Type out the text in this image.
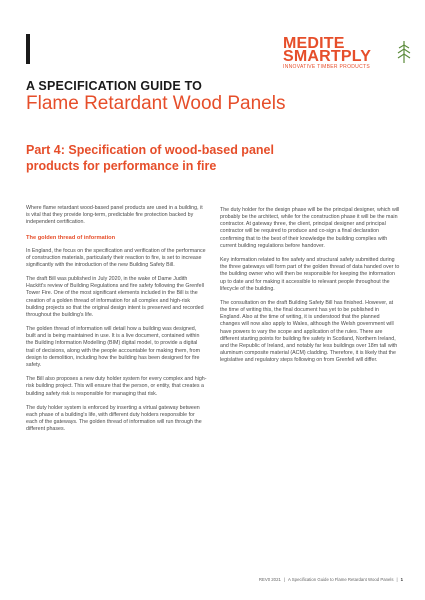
MEDITE
SMARTPLY
INNOVATIVE TIMBER PRODUCTS
A SPECIFICATION GUIDE TO
Flame Retardant Wood Panels
Part 4: Specification of wood-based panel products for performance in fire

Where flame retardant wood-based panel products are used in a building, it is vital that they provide long-term, predictable fire protection backed by independent certification.

The golden thread of information

In England, the focus on the specification and verification of the performance of construction materials, particularly their reaction to fire, is set to increase significantly with the introduction of the new Building Safety Bill.

The draft Bill was published in July 2020, in the wake of Dame Judith Hackitt's review of Building Regulations and fire safety following the Grenfell Tower Fire. One of the most significant elements included in the Bill is the creation of a golden thread of information for all complex and high-risk building projects so that the original design intent is preserved and recorded throughout the building's life.

The golden thread of information will detail how a building was designed, built and is being maintained in use. It is a live document, contained within the Building Information Modelling (BIM) digital model, to provide a digital trail of decisions, along with the people accountable for making them, from design to demolition, including how the building has been designed for fire safety.

The Bill also proposes a new duty holder system for every complex and high-risk building project. This will ensure that the person, or entity, that creates a building safety risk is responsible for managing that risk.

The duty holder system is enforced by inserting a virtual gateway between each phase of a building's life, with different duty holders responsible for each of the gateways. The golden thread of information will run through the different phases.

The duty holder for the design phase will be the principal designer, which will probably be the architect, while for the construction phase it will be the main contractor. At gateway three, the client, principal designer and principal contractor will be required to produce and co-sign a final declaration confirming that to the best of their knowledge the building complies with current building regulations before handover.

Key information related to fire safety and structural safety submitted during the three gateways will form part of the golden thread of data handed over to the building owner who will then be responsible for keeping the information up to date and for making it accessible to relevant people throughout the lifecycle of the building.

The consultation on the draft Building Safety Bill has finished. However, at the time of writing this, the final document has yet to be published in England. Also at the time of writing, it is understood that the planned changes will now also apply to Wales, although the Welsh government will have powers to vary the scope and application of the rules. There are different starting points for building fire safety in Scotland, Northern Ireland, and the Republic of Ireland, and notably far less buildings over 18m tall with aluminum composite material (ACM) cladding. Therefore, it is likely that the legislative and regulatory steps following on from Grenfell will differ.

REV0 2021 | A Specification Guide to Flame Retardant Wood Panels | 1
